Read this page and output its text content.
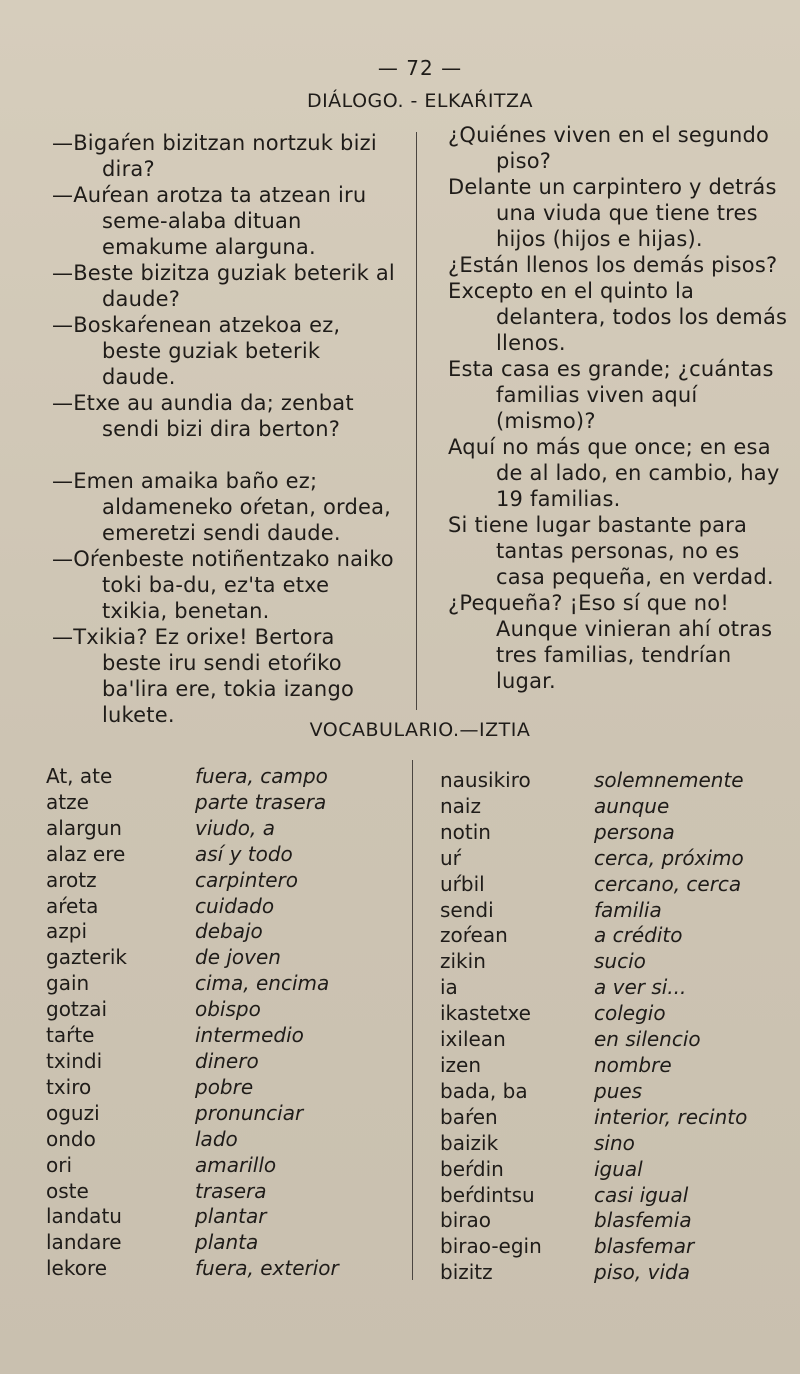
— 72 —
DIÁLOGO. - ELKAŔITZA

—Bigaŕen bizitzan nortzuk bizi dira?

—Auŕean arotza ta atzean iru seme-alaba dituan emakume alarguna.

—Beste bizitza guziak beterik al daude?

—Boskaŕenean atzekoa ez, beste guziak beterik daude.

—Etxe au aundia da; zenbat sendi bizi dira berton?

—Emen amaika baño ez; aldameneko oŕetan, ordea, emeretzi sendi daude.

—Oŕenbeste notiñentzako naiko toki ba-du, ez'ta etxe txikia, benetan.

—Txikia? Ez orixe! Bertora beste iru sendi etoŕiko ba'lira ere, tokia izango lukete.

¿Quiénes viven en el segundo piso?

Delante un carpintero y detrás una viuda que tiene tres hijos (hijos e hijas).

¿Están llenos los demás pisos?

Excepto en el quinto la delantera, todos los demás llenos.

Esta casa es grande; ¿cuántas familias viven aquí (mismo)?

Aquí no más que once; en esa de al lado, en cambio, hay 19 familias.

Si tiene lugar bastante para tantas personas, no es casa pequeña, en verdad.

¿Pequeña? ¡Eso sí que no! Aunque vinieran ahí otras tres familias, tendrían lugar.

VOCABULARIO.—IZTIA
At, ate
atze
alargun
alaz ere
arotz
aŕeta
azpi
gazterik
gain
gotzai
taŕte
txindi
txiro
oguzi
ondo
ori
oste
landatu
landare
lekore
fuera, campo
parte trasera
viudo, a
así y todo
carpintero
cuidado
debajo
de joven
cima, encima
obispo
intermedio
dinero
pobre
pronunciar
lado
amarillo
trasera
plantar
planta
fuera, exterior
nausikiro
naiz
notin
uŕ
uŕbil
sendi
zoŕean
zikin
ia
ikastetxe
ixilean
izen
bada, ba
baŕen
baizik
beŕdin
beŕdintsu
birao
birao-egin
bizitz
solemnemente
aunque
persona
cerca, próximo
cercano, cerca
familia
a crédito
sucio
a ver si...
colegio
en silencio
nombre
pues
interior, recinto
sino
igual
casi igual
blasfemia
blasfemar
piso, vida
